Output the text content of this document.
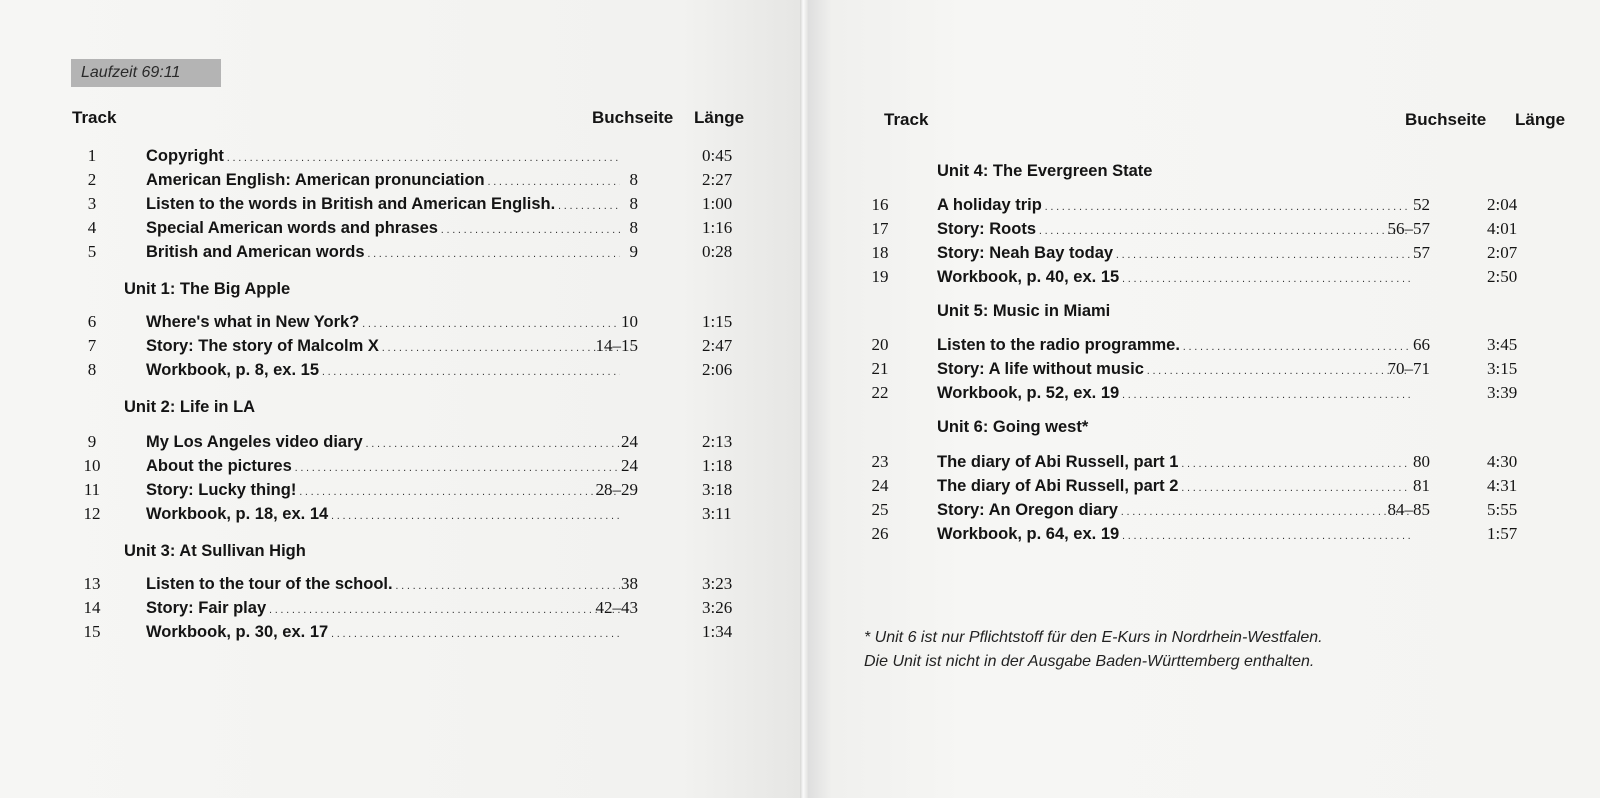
Laufzeit 69:11
Track	Buchseite Länge
1	Copyright . . .	0:45
2	American English: American pronunciation . . .	8	2:27
3	Listen to the words in British and American English. . . .	8	1:00
4	Special American words and phrases . . .	8	1:16
5	British and American words . . .	9	0:28
Unit 1: The Big Apple
6	Where's what in New York? . . .	10	1:15
7	Story: The story of Malcolm X . . .	14–15	2:47
8	Workbook, p. 8, ex. 15 . . .	2:06
Unit 2: Life in LA
9	My Los Angeles video diary . . .	24	2:13
10	About the pictures . . .	24	1:18
11	Story: Lucky thing! . . .	28–29	3:18
12	Workbook, p. 18, ex. 14 . . .	3:11
Unit 3: At Sullivan High
13	Listen to the tour of the school. . . .	38	3:23
14	Story: Fair play . . .	42–43	3:26
15	Workbook, p. 30, ex. 17 . . .	1:34
Track	Buchseite Länge
Unit 4: The Evergreen State
16	A holiday trip . . .	52	2:04
17	Story: Roots . . .	56–57	4:01
18	Story: Neah Bay today . . .	57	2:07
19	Workbook, p. 40, ex. 15 . . .	2:50
Unit 5: Music in Miami
20	Listen to the radio programme. . . .	66	3:45
21	Story: A life without music . . .	70–71	3:15
22	Workbook, p. 52, ex. 19 . . .	3:39
Unit 6: Going west*
23	The diary of Abi Russell, part 1 . . .	80	4:30
24	The diary of Abi Russell, part 2 . . .	81	4:31
25	Story: An Oregon diary . . .	84–85	5:55
26	Workbook, p. 64, ex. 19 . . .	1:57
* Unit 6 ist nur Pflichtstoff für den E-Kurs in Nordrhein-Westfalen.
Die Unit ist nicht in der Ausgabe Baden-Württemberg enthalten.
